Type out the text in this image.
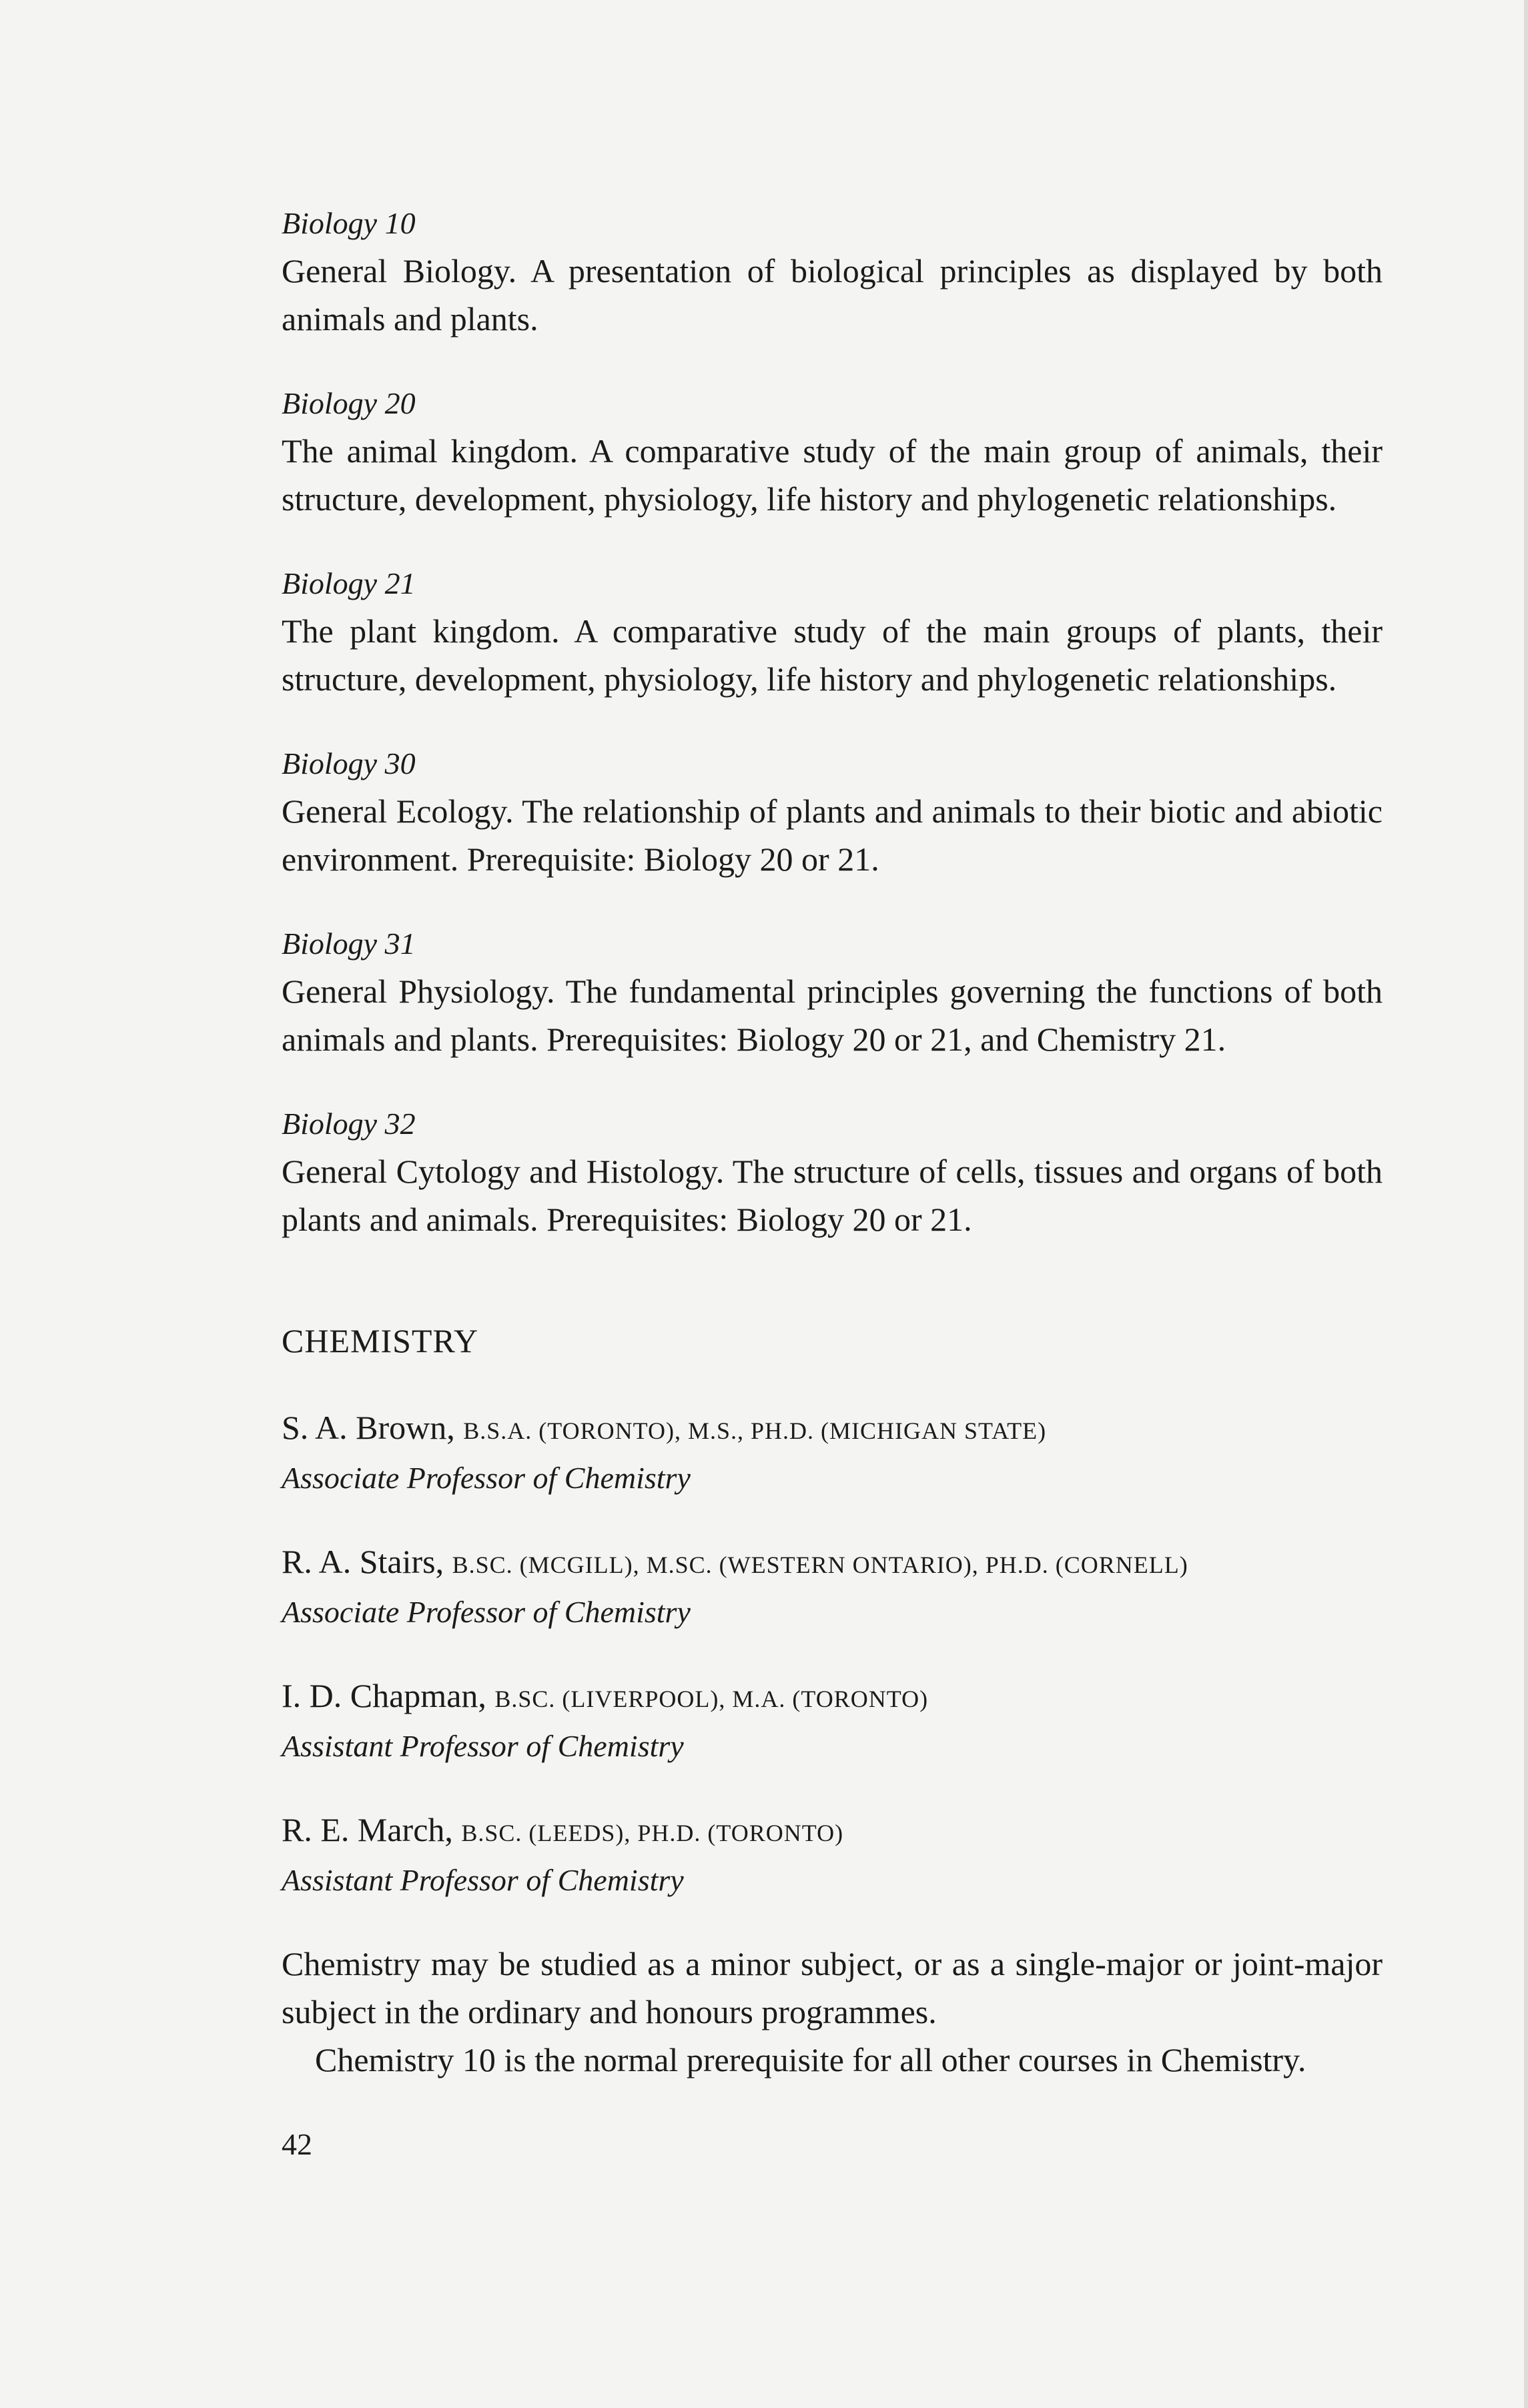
Biology 10
General Biology. A presentation of biological principles as displayed by both animals and plants.
Biology 20
The animal kingdom. A comparative study of the main group of animals, their structure, development, physiology, life history and phylogenetic relationships.
Biology 21
The plant kingdom. A comparative study of the main groups of plants, their structure, development, physiology, life history and phylogenetic relationships.
Biology 30
General Ecology. The relationship of plants and animals to their biotic and abiotic environment. Prerequisite: Biology 20 or 21.
Biology 31
General Physiology. The fundamental principles governing the functions of both animals and plants. Prerequisites: Biology 20 or 21, and Chemistry 21.
Biology 32
General Cytology and Histology. The structure of cells, tissues and organs of both plants and animals. Prerequisites: Biology 20 or 21.
CHEMISTRY
S. A. Brown, B.S.A. (TORONTO), M.S., PH.D. (MICHIGAN STATE)
Associate Professor of Chemistry
R. A. Stairs, B.SC. (MCGILL), M.SC. (WESTERN ONTARIO), PH.D. (CORNELL)
Associate Professor of Chemistry
I. D. Chapman, B.SC. (LIVERPOOL), M.A. (TORONTO)
Assistant Professor of Chemistry
R. E. March, B.SC. (LEEDS), PH.D. (TORONTO)
Assistant Professor of Chemistry
Chemistry may be studied as a minor subject, or as a single-major or joint-major subject in the ordinary and honours programmes.
Chemistry 10 is the normal prerequisite for all other courses in Chemistry.
42
